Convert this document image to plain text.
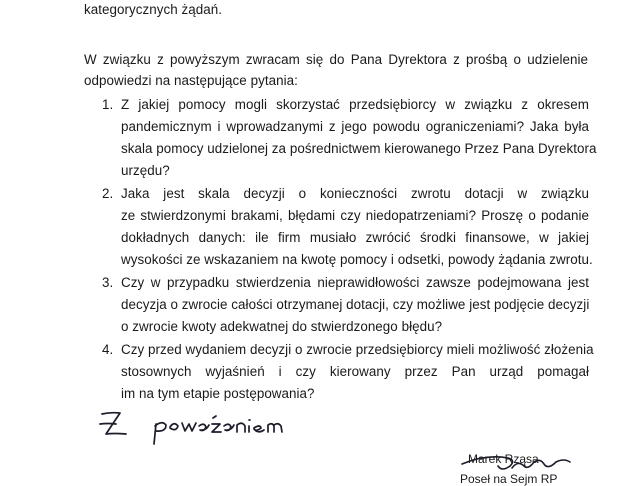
kategorycznych żądań.
W związku z powyższym zwracam się do Pana Dyrektora z prośbą o udzielenie
odpowiedzi na następujące pytania:
1. Z jakiej pomocy mogli skorzystać przedsiębiorcy w związku z okresem
pandemicznym i wprowadzanymi z jego powodu ograniczeniami? Jaka była
skala pomocy udzielonej za pośrednictwem kierowanego Przez Pana Dyrektora
urzędu?
2. Jaka jest skala decyzji o konieczności zwrotu dotacji w związku
ze stwierdzonymi brakami, błędami czy niedopatrzeniami? Proszę o podanie
dokładnych danych: ile firm musiało zwrócić środki finansowe, w jakiej
wysokości ze wskazaniem na kwotę pomocy i odsetki, powody żądania zwrotu.
3. Czy w przypadku stwierdzenia nieprawidłowości zawsze podejmowana jest
decyzja o zwrocie całości otrzymanej dotacji, czy możliwe jest podjęcie decyzji
o zwrocie kwoty adekwatnej do stwierdzonego błędu?
4. Czy przed wydaniem decyzji o zwrocie przedsiębiorcy mieli możliwość złożenia
stosownych wyjaśnień i czy kierowany przez Pan urząd pomagał
im na tym etapie postępowania?
Marek Rząsa
Poseł na Sejm RP
